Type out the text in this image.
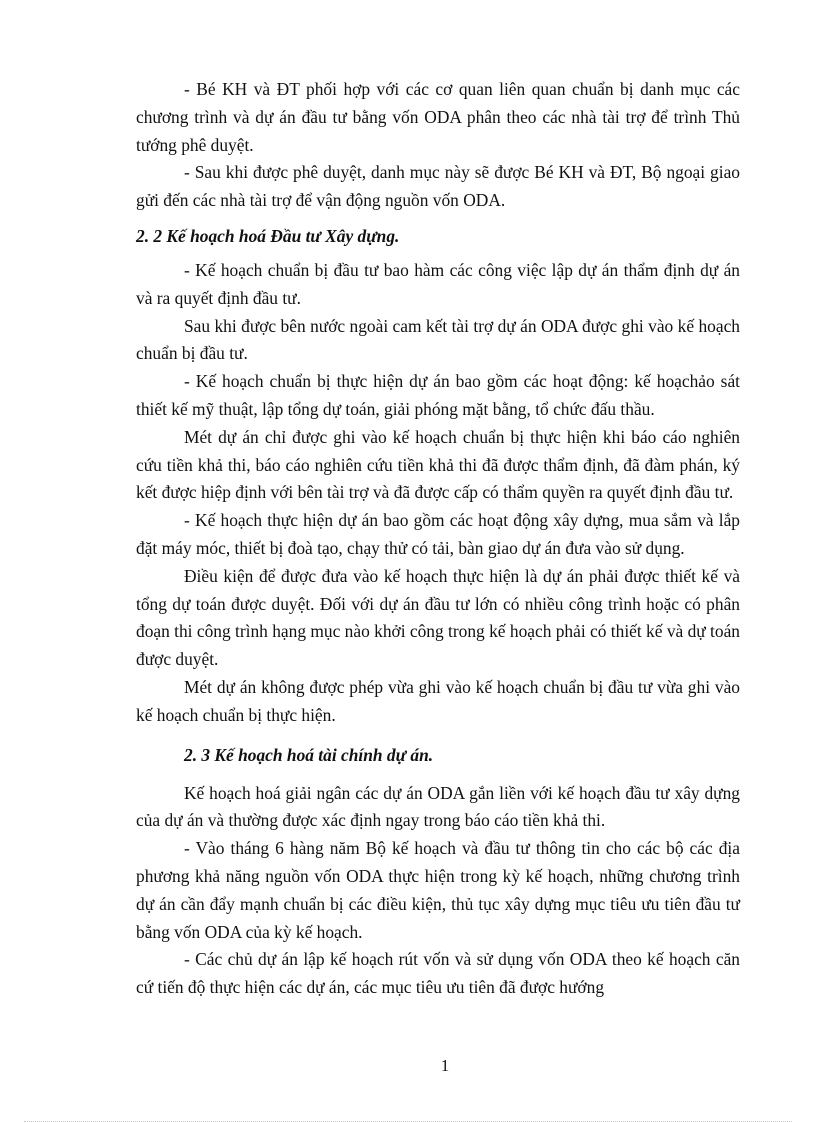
- Bé KH và ĐT phối hợp với các cơ quan liên quan chuẩn bị danh mục các chương trình và dự án đầu tư bằng vốn ODA phân theo các nhà tài trợ để trình Thủ tướng phê duyệt.

- Sau khi được phê duyệt, danh mục này sẽ được Bé KH và ĐT, Bộ ngoại giao gửi đến các nhà tài trợ để vận động nguồn vốn ODA.

2. 2 Kế hoạch hoá Đầu tư Xây dựng.

- Kế hoạch chuẩn bị đầu tư bao hàm các công việc lập dự án thẩm định dự án và ra quyết định đầu tư.

Sau khi được bên nước ngoài cam kết tài trợ dự án ODA được ghi vào kế hoạch chuẩn bị đầu tư.

- Kế hoạch chuẩn bị thực hiện dự án bao gồm các hoạt động: kế hoạchảo sát thiết kế mỹ thuật, lập tổng dự toán, giải phóng mặt bằng, tổ chức đấu thầu.

Mét dự án chỉ được ghi vào kế hoạch chuẩn bị thực hiện khi báo cáo nghiên cứu tiền khả thi, báo cáo nghiên cứu tiền khả thi đã được thẩm định, đã đàm phán, ký kết được hiệp định với bên tài trợ và đã được cấp có thẩm quyền ra quyết định đầu tư.

- Kế hoạch thực hiện dự án bao gồm các hoạt động xây dựng, mua sắm và lắp đặt máy móc, thiết bị đoà tạo, chạy thử có tải, bàn giao dự án đưa vào sử dụng.

Điều kiện để được đưa vào kế hoạch thực hiện là dự án phải được thiết kế và tổng dự toán được duyệt. Đối với dự án đầu tư lớn có nhiều công trình hoặc có phân đoạn thi công trình hạng mục nào khởi công trong kế hoạch phải có thiết kế và dự toán được duyệt.

Mét dự án không được phép vừa ghi vào kế hoạch chuẩn bị đầu tư vừa ghi vào kế hoạch chuẩn bị thực hiện.

2. 3 Kế hoạch hoá tài chính dự án.

Kế hoạch hoá giải ngân các dự án ODA gắn liền với kế hoạch đầu tư xây dựng của dự án và thường được xác định ngay trong báo cáo tiền khả thi.

- Vào tháng 6 hàng năm Bộ kế hoạch và đầu tư thông tin cho các bộ các địa phương khả năng nguồn vốn ODA thực hiện trong kỳ kế hoạch, những chương trình dự án cần đẩy mạnh chuẩn bị các điều kiện, thủ tục xây dựng mục tiêu ưu tiên đầu tư bằng vốn ODA của kỳ kế hoạch.

- Các chủ dự án lập kế hoạch rút vốn và sử dụng vốn ODA theo kế hoạch căn cứ tiến độ thực hiện các dự án, các mục tiêu ưu tiên đã được hướng

1
